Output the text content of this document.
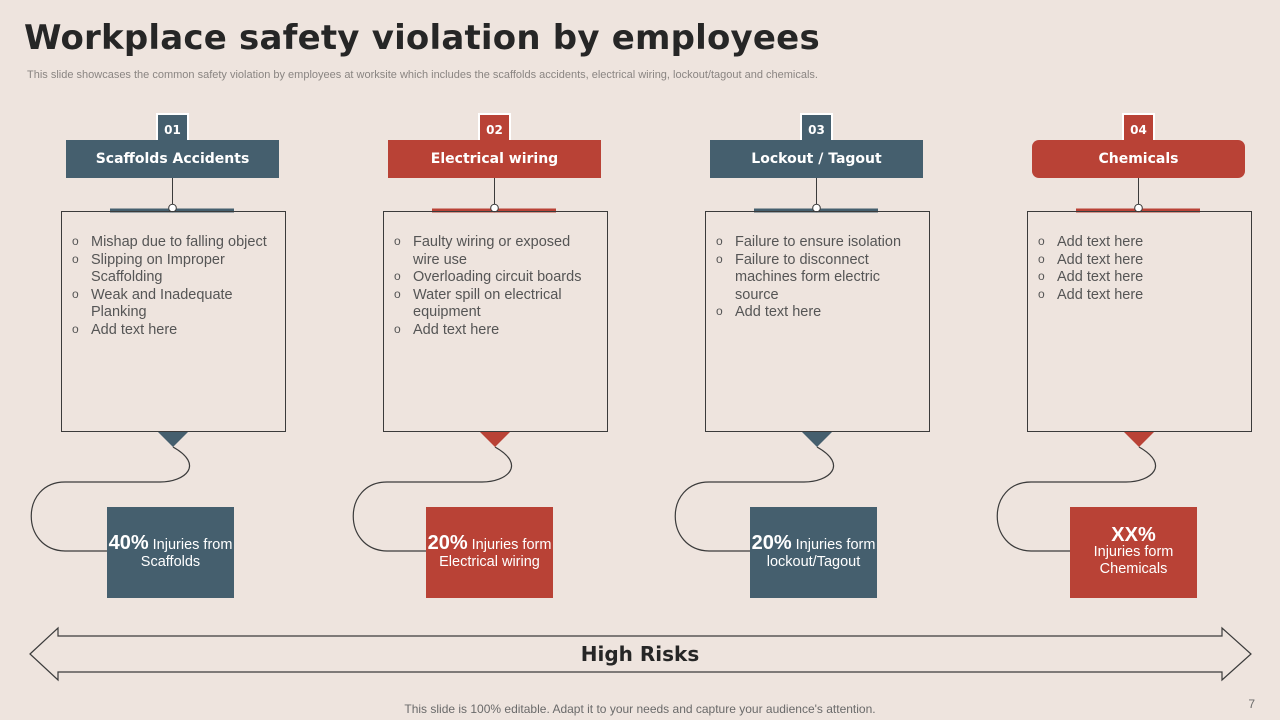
Workplace safety violation by employees
This slide showcases the common safety violation by employees at worksite which includes the scaffolds accidents, electrical wiring, lockout/tagout and chemicals.
01
Scaffolds Accidents
o Mishap due to falling object
o Slipping on Improper Scaffolding
o Weak and Inadequate Planking
o Add text here
40% Injuries from Scaffolds
02
Electrical wiring
o Faulty wiring or exposed wire use
o Overloading circuit boards
o Water spill on electrical equipment
o Add text here
20% Injuries form Electrical wiring
03
Lockout / Tagout
o Failure to ensure isolation
o Failure to disconnect machines form electric source
o Add text here
20% Injuries form lockout/Tagout
04
Chemicals
o Add text here
o Add text here
o Add text here
o Add text here
XX%
Injuries form Chemicals
High Risks
This slide is 100% editable. Adapt it to your needs and capture your audience's attention.	7
